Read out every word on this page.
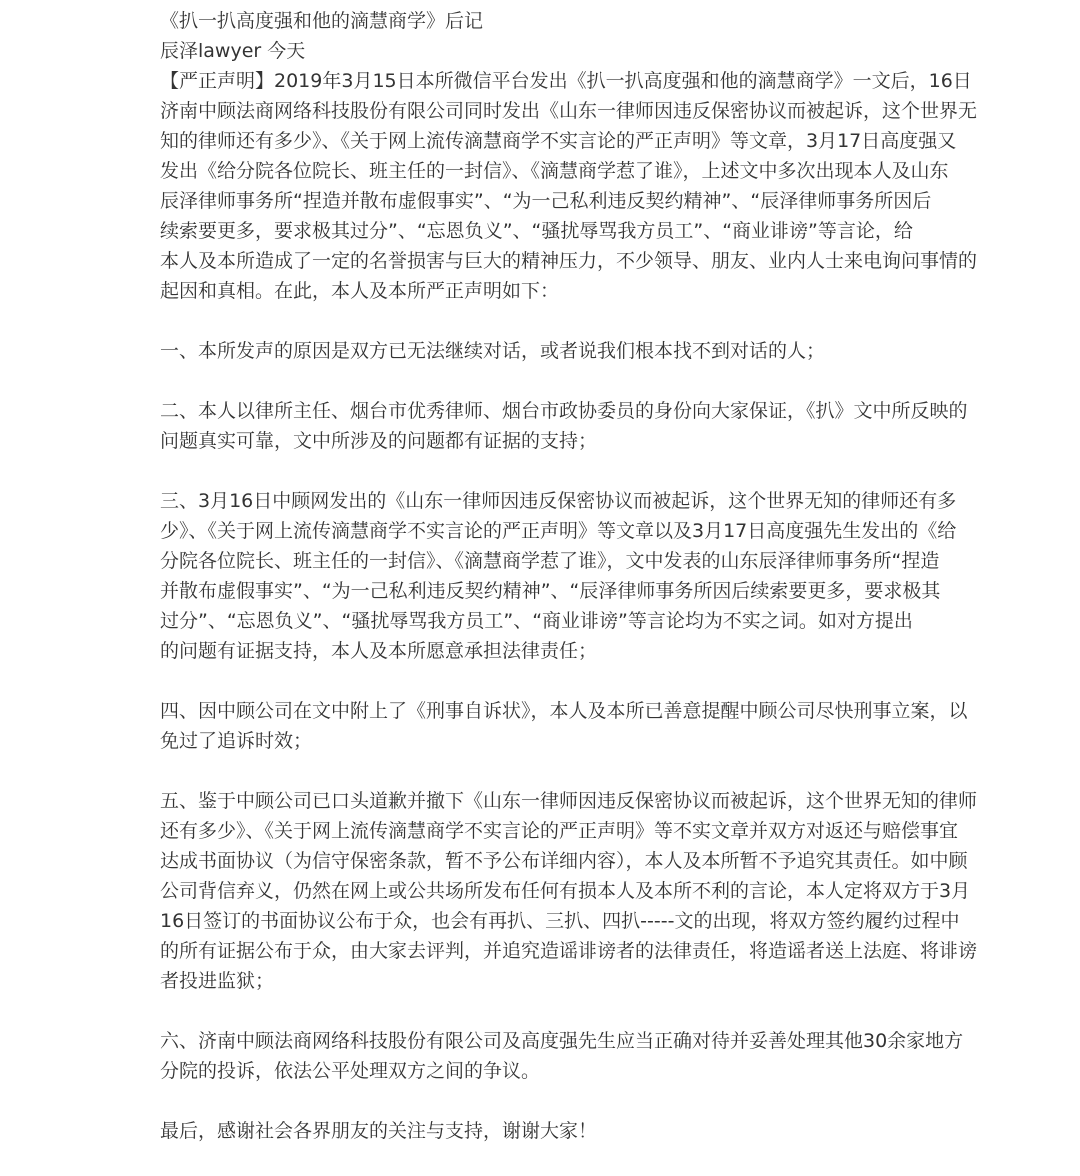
《扒一扒高度强和他的滴慧商学》后记

辰泽lawyer 今天

【严正声明】2019年3月15日本所微信平台发出《扒一扒高度强和他的滴慧商学》一文后，16日

济南中顾法商网络科技股份有限公司同时发出《山东一律师因违反保密协议而被起诉，这个世界无

知的律师还有多少》、《关于网上流传滴慧商学不实言论的严正声明》等文章，3月17日高度强又

发出《给分院各位院长、班主任的一封信》、《滴慧商学惹了谁》，上述文中多次出现本人及山东

辰泽律师事务所“捏造并散布虚假事实”、“为一己私利违反契约精神”、“辰泽律师事务所因后

续索要更多，要求极其过分”、“忘恩负义”、“骚扰辱骂我方员工”、“商业诽谤”等言论，给

本人及本所造成了一定的名誉损害与巨大的精神压力，不少领导、朋友、业内人士来电询问事情的

起因和真相。在此，本人及本所严正声明如下：

一、本所发声的原因是双方已无法继续对话，或者说我们根本找不到对话的人；

二、本人以律所主任、烟台市优秀律师、烟台市政协委员的身份向大家保证，《扒》文中所反映的

问题真实可靠，文中所涉及的问题都有证据的支持；

三、3月16日中顾网发出的《山东一律师因违反保密协议而被起诉，这个世界无知的律师还有多

少》、《关于网上流传滴慧商学不实言论的严正声明》等文章以及3月17日高度强先生发出的《给

分院各位院长、班主任的一封信》、《滴慧商学惹了谁》，文中发表的山东辰泽律师事务所“捏造

并散布虚假事实”、“为一己私利违反契约精神”、“辰泽律师事务所因后续索要更多，要求极其

过分”、“忘恩负义”、“骚扰辱骂我方员工”、“商业诽谤”等言论均为不实之词。如对方提出

的问题有证据支持，本人及本所愿意承担法律责任；

四、因中顾公司在文中附上了《刑事自诉状》，本人及本所已善意提醒中顾公司尽快刑事立案，以

免过了追诉时效；

五、鉴于中顾公司已口头道歉并撤下《山东一律师因违反保密协议而被起诉，这个世界无知的律师

还有多少》、《关于网上流传滴慧商学不实言论的严正声明》等不实文章并双方对返还与赔偿事宜

达成书面协议（为信守保密条款，暂不予公布详细内容），本人及本所暂不予追究其责任。如中顾

公司背信弃义，仍然在网上或公共场所发布任何有损本人及本所不利的言论，本人定将双方于3月

16日签订的书面协议公布于众，也会有再扒、三扒、四扒-----文的出现，将双方签约履约过程中

的所有证据公布于众，由大家去评判，并追究造谣诽谤者的法律责任，将造谣者送上法庭、将诽谤

者投进监狱；

六、济南中顾法商网络科技股份有限公司及高度强先生应当正确对待并妥善处理其他30余家地方

分院的投诉，依法公平处理双方之间的争议。

最后，感谢社会各界朋友的关注与支持，谢谢大家！
